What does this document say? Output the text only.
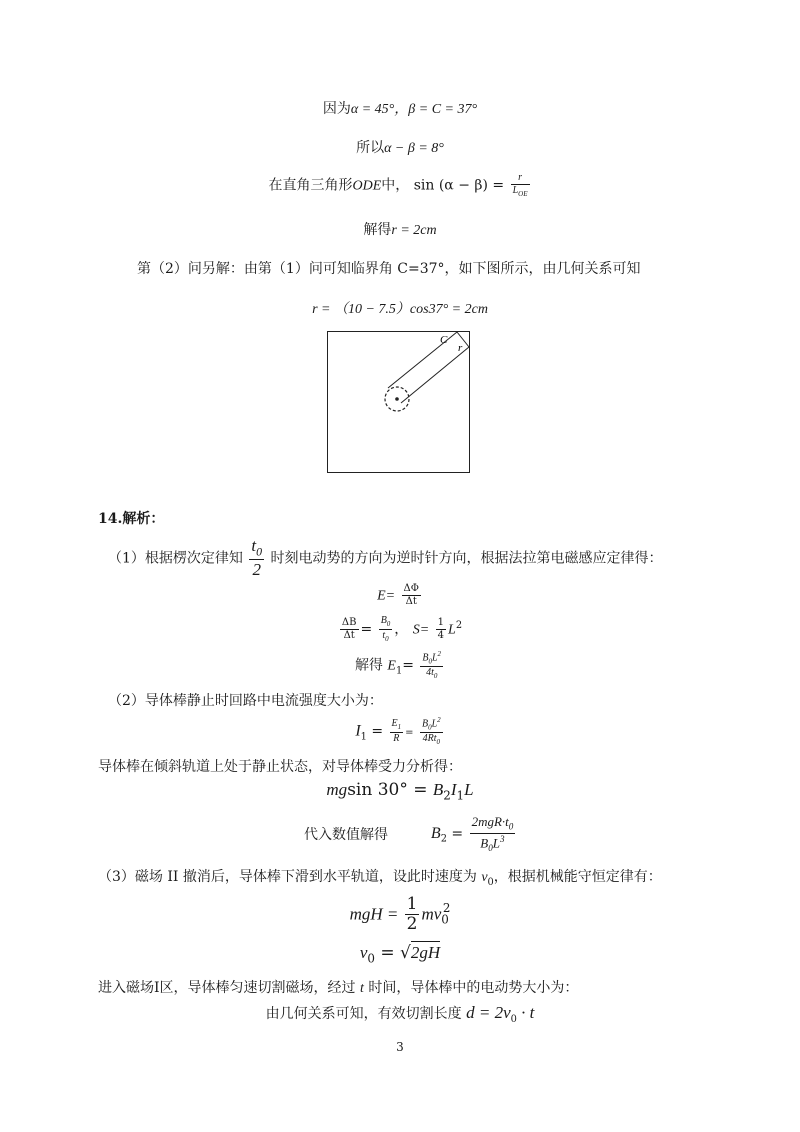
因为α = 45°，β = C = 37°
所以α − β = 8°
在直角三角形ODE中， $\sin (\alpha - \beta) = \frac{r}{L_{OE}}$
解得r = 2cm
第（2）问另解：由第（1）问可知临界角 C=37°，如下图所示，由几何关系可知
r = （10 − 7.5）cos37° = 2cm
C
r
14.解析：
（1）根据楞次定律知 $\frac{t_0}{2}$ 时刻电动势的方向为逆时针方向，根据法拉第电磁感应定律得：
$E= \frac{\Delta\Phi}{\Delta t}$
$\frac{\Delta B}{\Delta t} = \frac{B_0}{t_0}$ ， $S= \frac{1}{4} L^2$
解得 $E_1= \frac{B_0L^2}{4t_0}$
（2）导体棒静止时回路中电流强度大小为：
$I_1 = \frac{E_1}{R} = \frac{B_0L^2}{4Rt_0}$
导体棒在倾斜轨道上处于静止状态，对导体棒受力分析得：
mgsin $30^\circ = B_2I_1L$
代入数值解得	$B_2 = \frac{2mgR\cdot t_0}{B_0L^3}$
（3）磁场 II 撤消后，导体棒下滑到水平轨道，设此时速度为 $v_0$，根据机械能守恒定律有：
mgH = $\frac{1}{2} mv_0^2$
$v_0 = √2gH$
进入磁场Ⅰ区，导体棒匀速切割磁场，经过 t 时间，导体棒中的电动势大小为：
由几何关系可知，有效切割长度 $d = 2v_0 \cdot t$
3
